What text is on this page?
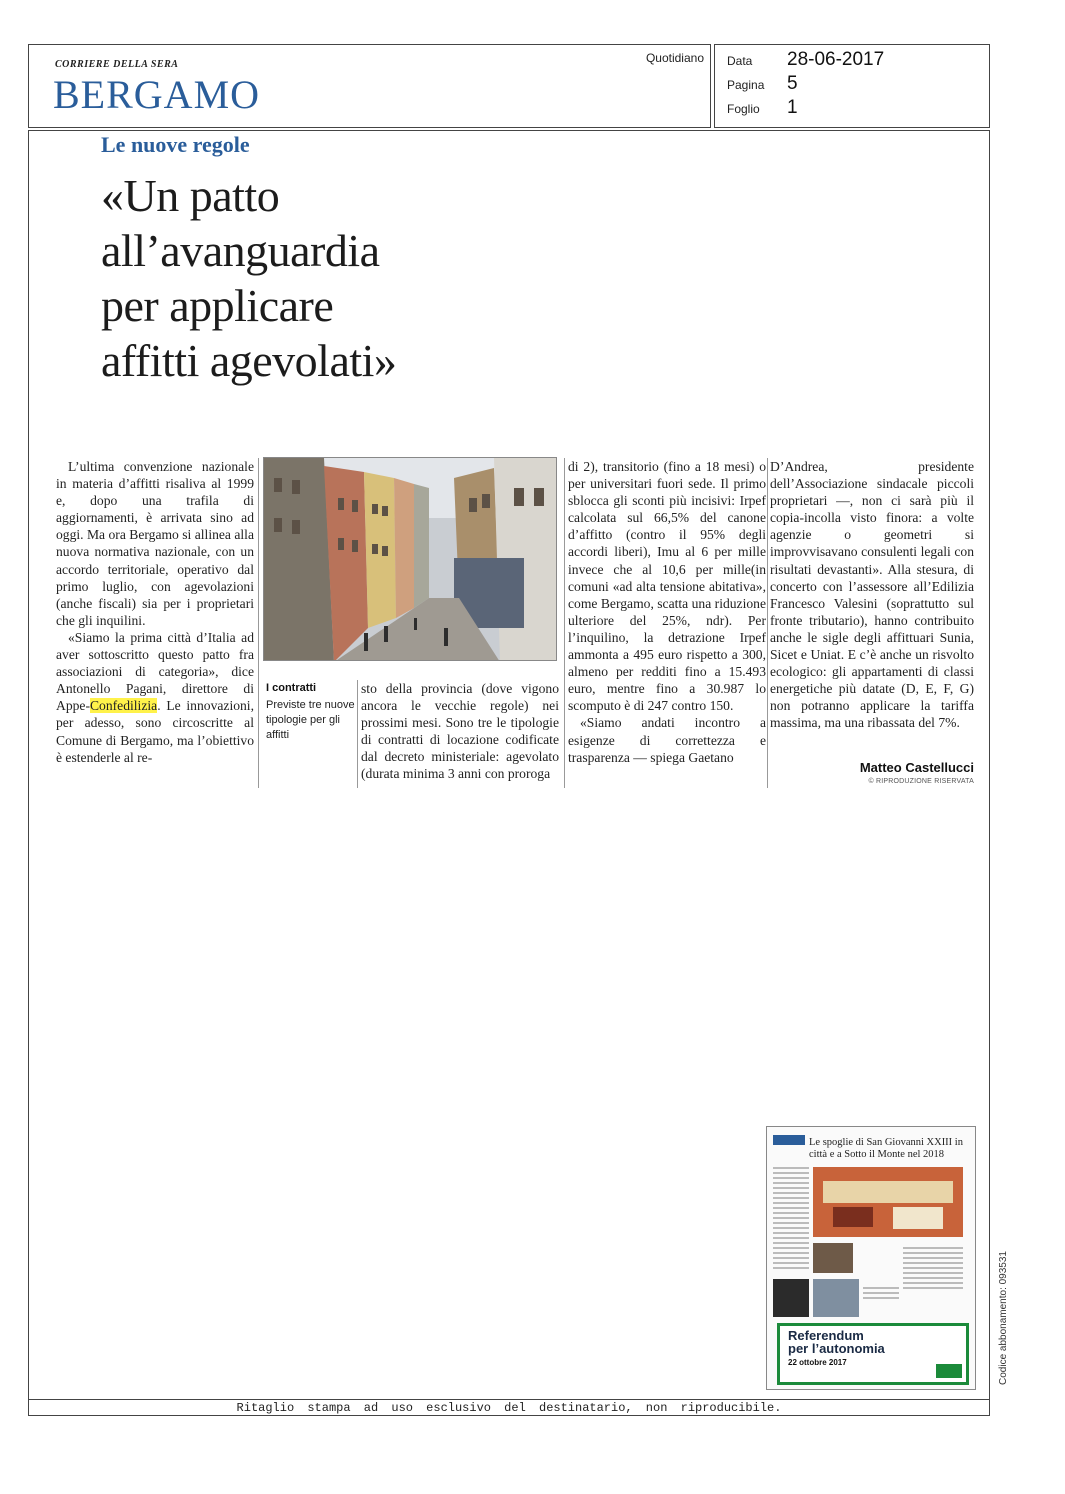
CORRIERE DELLA SERA
BERGAMO
Quotidiano Data 28-06-2017
Pagina 5
Foglio 1
Le nuove regole
«Un patto
all’avanguardia
per applicare
affitti agevolati»

L’ultima convenzione nazionale in materia d’affitti risaliva al 1999 e, dopo una trafila di aggiornamenti, è arrivata sino ad oggi. Ma ora Bergamo si allinea alla nuova normativa nazionale, con un accordo territoriale, operativo dal primo luglio, con agevolazioni (anche fiscali) sia per i proprietari che gli inquilini.

«Siamo la prima città d’Italia ad aver sottoscritto questo patto fra associazioni di categoria», dice Antonello Pagani, direttore di Appe-Confedilizia. Le innovazioni, per adesso, sono circoscritte al Comune di Bergamo, ma l’obiettivo è estenderle al re-

I contratti
Previste tre nuove tipologie per gli affitti

sto della provincia (dove vigono ancora le vecchie regole) nei prossimi mesi. Sono tre le tipologie di contratti di locazione codificate dal decreto ministeriale: agevolato (durata minima 3 anni con proroga

di 2), transitorio (fino a 18 mesi) o per universitari fuori sede. Il primo sblocca gli sconti più incisivi: Irpef calcolata sul 66,5% del canone d’affitto (contro il 95% degli accordi liberi), Imu al 6 per mille invece che al 10,6 per mille(in comuni «ad alta tensione abitativa», come Bergamo, scatta una riduzione ulteriore del 25%, ndr). Per l’inquilino, la detrazione Irpef ammonta a 495 euro rispetto a 300, almeno per redditi fino a 15.493 euro, mentre fino a 30.987 lo scomputo è di 247 contro 150.

«Siamo andati incontro a esigenze di correttezza e trasparenza — spiega Gaetano

D’Andrea, presidente dell’Associazione sindacale piccoli proprietari —, non ci sarà più il copia-incolla visto finora: a volte agenzie o geometri si improvvisavano consulenti legali con risultati devastanti». Alla stesura, di concerto con l’assessore all’Edilizia Francesco Valesini (soprattutto sul fronte tributario), hanno contribuito anche le sigle degli affittuari Sunia, Sicet e Uniat. E c’è anche un risvolto ecologico: gli appartamenti di classi energetiche più datate (D, E, F, G) non potranno applicare la tariffa massima, ma una ribassata del 7%.

Matteo Castellucci
© RIPRODUZIONE RISERVATA
Le spoglie di San Giovanni XXIII in città e a Sotto il Monte nel 2018
Referendum
per l’autonomia
22 ottobre 2017
Ritaglio stampa ad uso esclusivo del destinatario, non riproducibile.
Codice abbonamento: 093531
